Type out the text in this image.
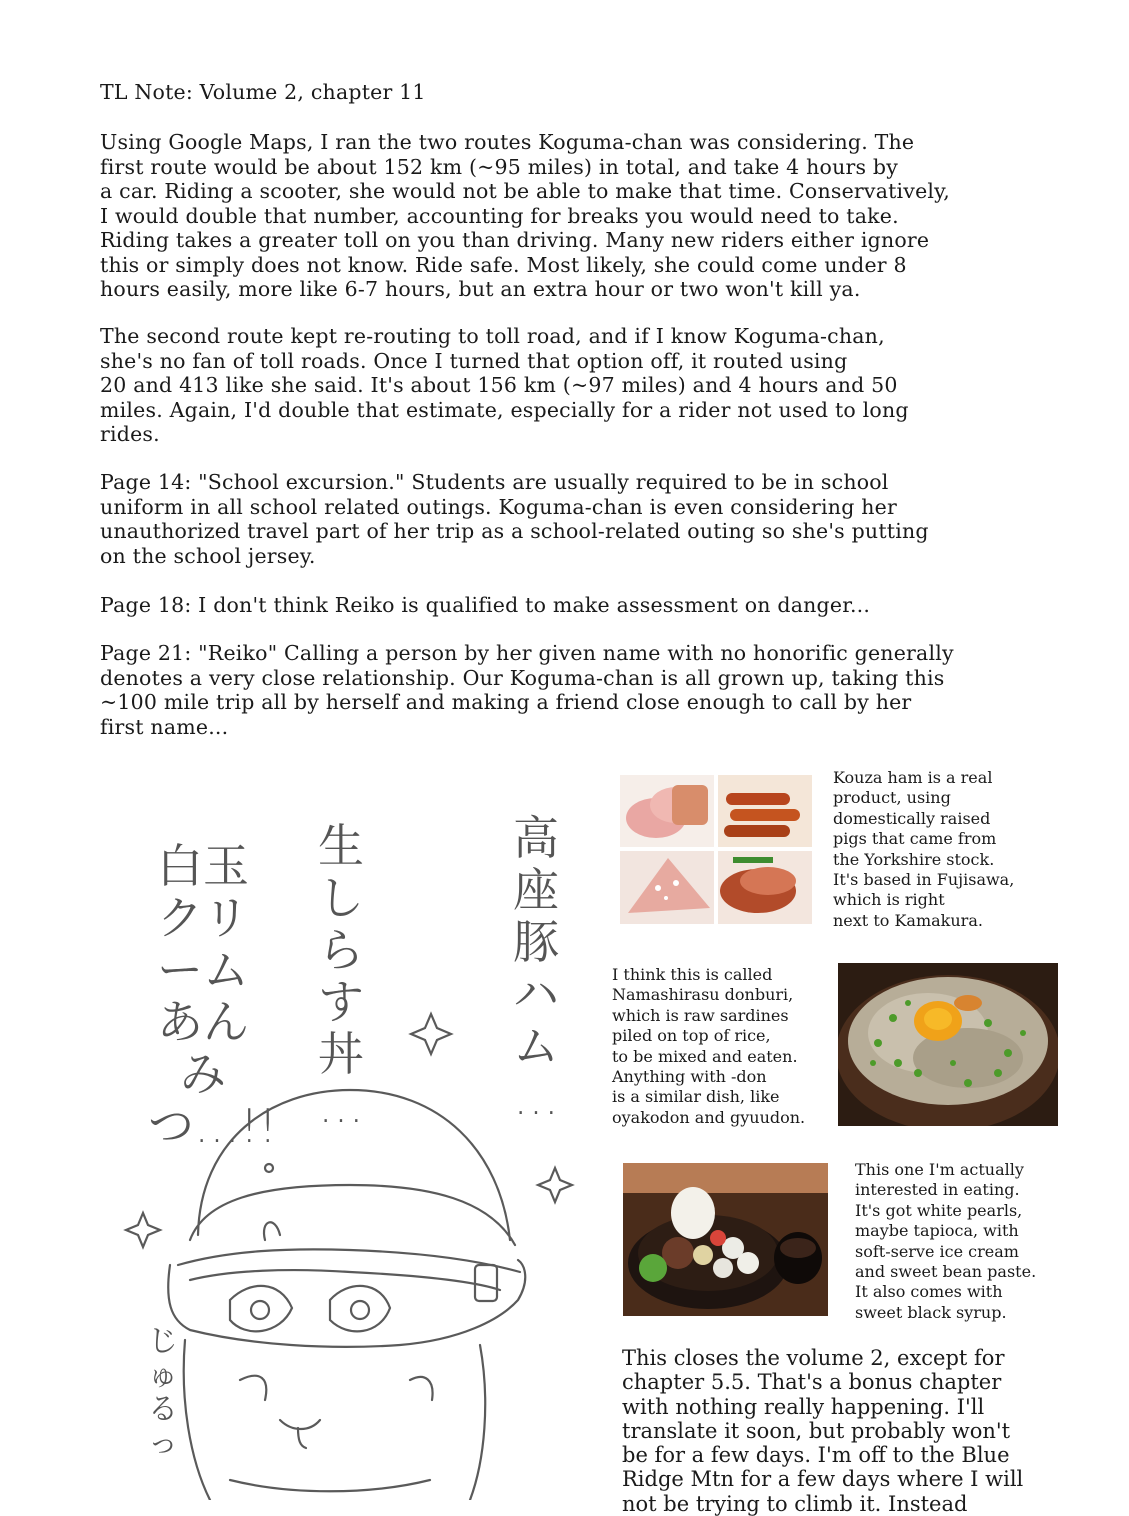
TL Note: Volume 2, chapter 11

Using Google Maps, I ran the two routes Koguma-chan was considering. The
first route would be about 152 km (~95 miles) in total, and take 4 hours by
a car. Riding a scooter, she would not be able to make that time. Conservatively,
I would double that number, accounting for breaks you would need to take.
Riding takes a greater toll on you than driving. Many new riders either ignore
this or simply does not know. Ride safe. Most likely, she could come under 8
hours easily, more like 6-7 hours, but an extra hour or two won't kill ya.

The second route kept re-routing to toll road, and if I know Koguma-chan,
she's no fan of toll roads. Once I turned that option off, it routed using
20 and 413 like she said. It's about 156 km (~97 miles) and 4 hours and 50
miles. Again, I'd double that estimate, especially for a rider not used to long
rides.

Page 14: "School excursion." Students are usually required to be in school
uniform in all school related outings. Koguma-chan is even considering her
unauthorized travel part of her trip as a school-related outing so she's putting
on the school jersey.

Page 18: I don't think Reiko is qualified to make assessment on danger...

Page 21: "Reiko" Calling a person by her given name with no honorific generally
denotes a very close relationship. Our Koguma-chan is all grown up, taking this
~100 mile trip all by herself and making a friend close enough to call by her
first name...

Kouza ham is a real
product, using
domestically raised
pigs that came from
the Yorkshire stock.
It's based in Fujisawa,
which is right
next to Kamakura.

I think this is called
Namashirasu donburi,
which is raw sardines
piled on top of rice,
to be mixed and eaten.
Anything with -don
is a similar dish, like
oyakodon and gyuudon.

This one I'm actually
interested in eating.
It's got white pearls,
maybe tapioca, with
soft-serve ice cream
and sweet bean paste.
It also comes with
sweet black syrup.

This closes the volume 2, except for
chapter 5.5. That's a bonus chapter
with nothing really happening. I'll
translate it soon, but probably won't
be for a few days. I'm off to the Blue
Ridge Mtn for a few days where I will
not be trying to climb it. Instead

高座豚ハム
…
生しらす丼
…
白玉クリーム
あんみつ…!!
じゅるっ
